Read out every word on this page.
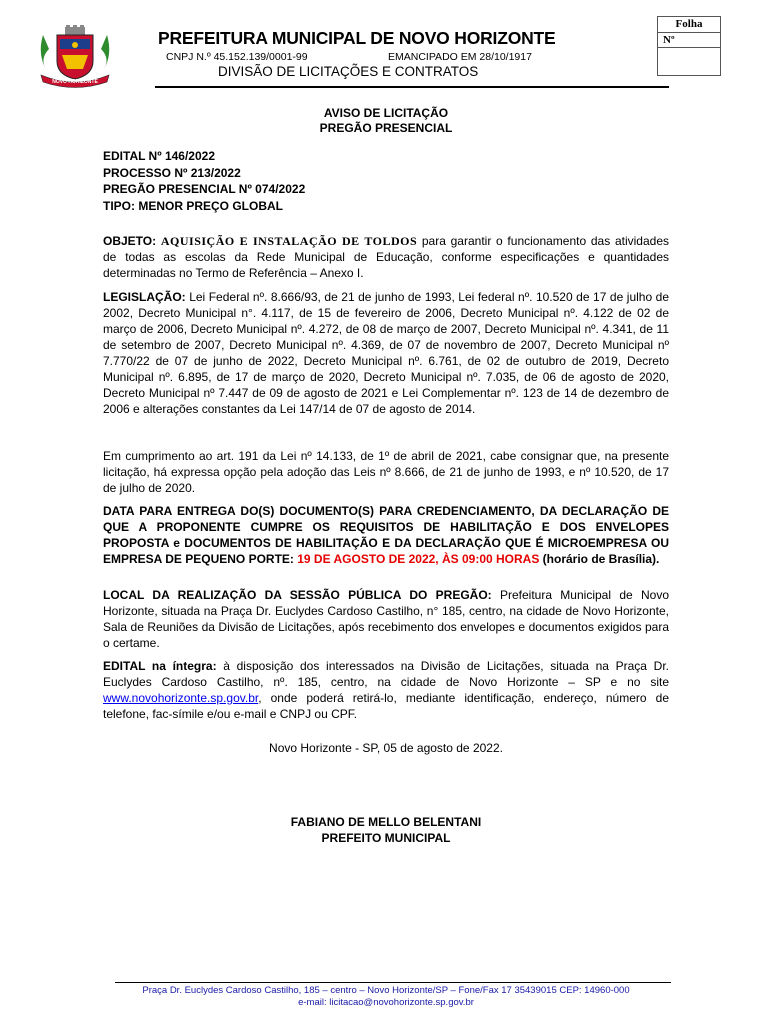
NOVO HORIZONTE
PREFEITURA MUNICIPAL DE NOVO HORIZONTE
CNPJ N.º 45.152.139/0001-99	EMANCIPADO EM 28/10/1917
DIVISÃO DE LICITAÇÕES E CONTRATOS
Folha
Nº
AVISO DE LICITAÇÃO
PREGÃO PRESENCIAL
EDITAL Nº 146/2022
PROCESSO Nº 213/2022
PREGÃO PRESENCIAL Nº 074/2022
TIPO: MENOR PREÇO GLOBAL
OBJETO: AQUISIÇÃO E INSTALAÇÃO DE TOLDOS para garantir o funcionamento das atividades de todas as escolas da Rede Municipal de Educação, conforme especificações e quantidades determinadas no Termo de Referência – Anexo I.
LEGISLAÇÃO: Lei Federal nº. 8.666/93, de 21 de junho de 1993, Lei federal nº. 10.520 de 17 de julho de 2002, Decreto Municipal n°. 4.117, de 15 de fevereiro de 2006, Decreto Municipal nº. 4.122 de 02 de março de 2006, Decreto Municipal nº. 4.272, de 08 de março de 2007, Decreto Municipal nº. 4.341, de 11 de setembro de 2007, Decreto Municipal nº. 4.369, de 07 de novembro de 2007, Decreto Municipal nº 7.770/22 de 07 de junho de 2022, Decreto Municipal nº. 6.761, de 02 de outubro de 2019, Decreto Municipal nº. 6.895, de 17 de março de 2020, Decreto Municipal nº. 7.035, de 06 de agosto de 2020, Decreto Municipal nº 7.447 de 09 de agosto de 2021 e Lei Complementar nº. 123 de 14 de dezembro de 2006 e alterações constantes da Lei 147/14 de 07 de agosto de 2014.
Em cumprimento ao art. 191 da Lei nº 14.133, de 1º de abril de 2021, cabe consignar que, na presente licitação, há expressa opção pela adoção das Leis nº 8.666, de 21 de junho de 1993, e nº 10.520, de 17 de julho de 2020.
DATA PARA ENTREGA DO(S) DOCUMENTO(S) PARA CREDENCIAMENTO, DA DECLARAÇÃO DE QUE A PROPONENTE CUMPRE OS REQUISITOS DE HABILITAÇÃO E DOS ENVELOPES PROPOSTA e DOCUMENTOS DE HABILITAÇÃO E DA DECLARAÇÃO QUE É MICROEMPRESA OU EMPRESA DE PEQUENO PORTE: 19 DE AGOSTO DE 2022, ÀS 09:00 HORAS (horário de Brasília).
LOCAL DA REALIZAÇÃO DA SESSÃO PÚBLICA DO PREGÃO: Prefeitura Municipal de Novo Horizonte, situada na Praça Dr. Euclydes Cardoso Castilho, n° 185, centro, na cidade de Novo Horizonte, Sala de Reuniões da Divisão de Licitações, após recebimento dos envelopes e documentos exigidos para o certame.
EDITAL na íntegra: à disposição dos interessados na Divisão de Licitações, situada na Praça Dr. Euclydes Cardoso Castilho, nº. 185, centro, na cidade de Novo Horizonte – SP e no site www.novohorizonte.sp.gov.br, onde poderá retirá-lo, mediante identificação, endereço, número de telefone, fac-símile e/ou e-mail e CNPJ ou CPF.
Novo Horizonte - SP, 05 de agosto de 2022.
FABIANO DE MELLO BELENTANI
PREFEITO MUNICIPAL
Praça Dr. Euclydes Cardoso Castilho, 185 – centro – Novo Horizonte/SP – Fone/Fax 17 35439015 CEP: 14960-000
e-mail: licitacao@novohorizonte.sp.gov.br
